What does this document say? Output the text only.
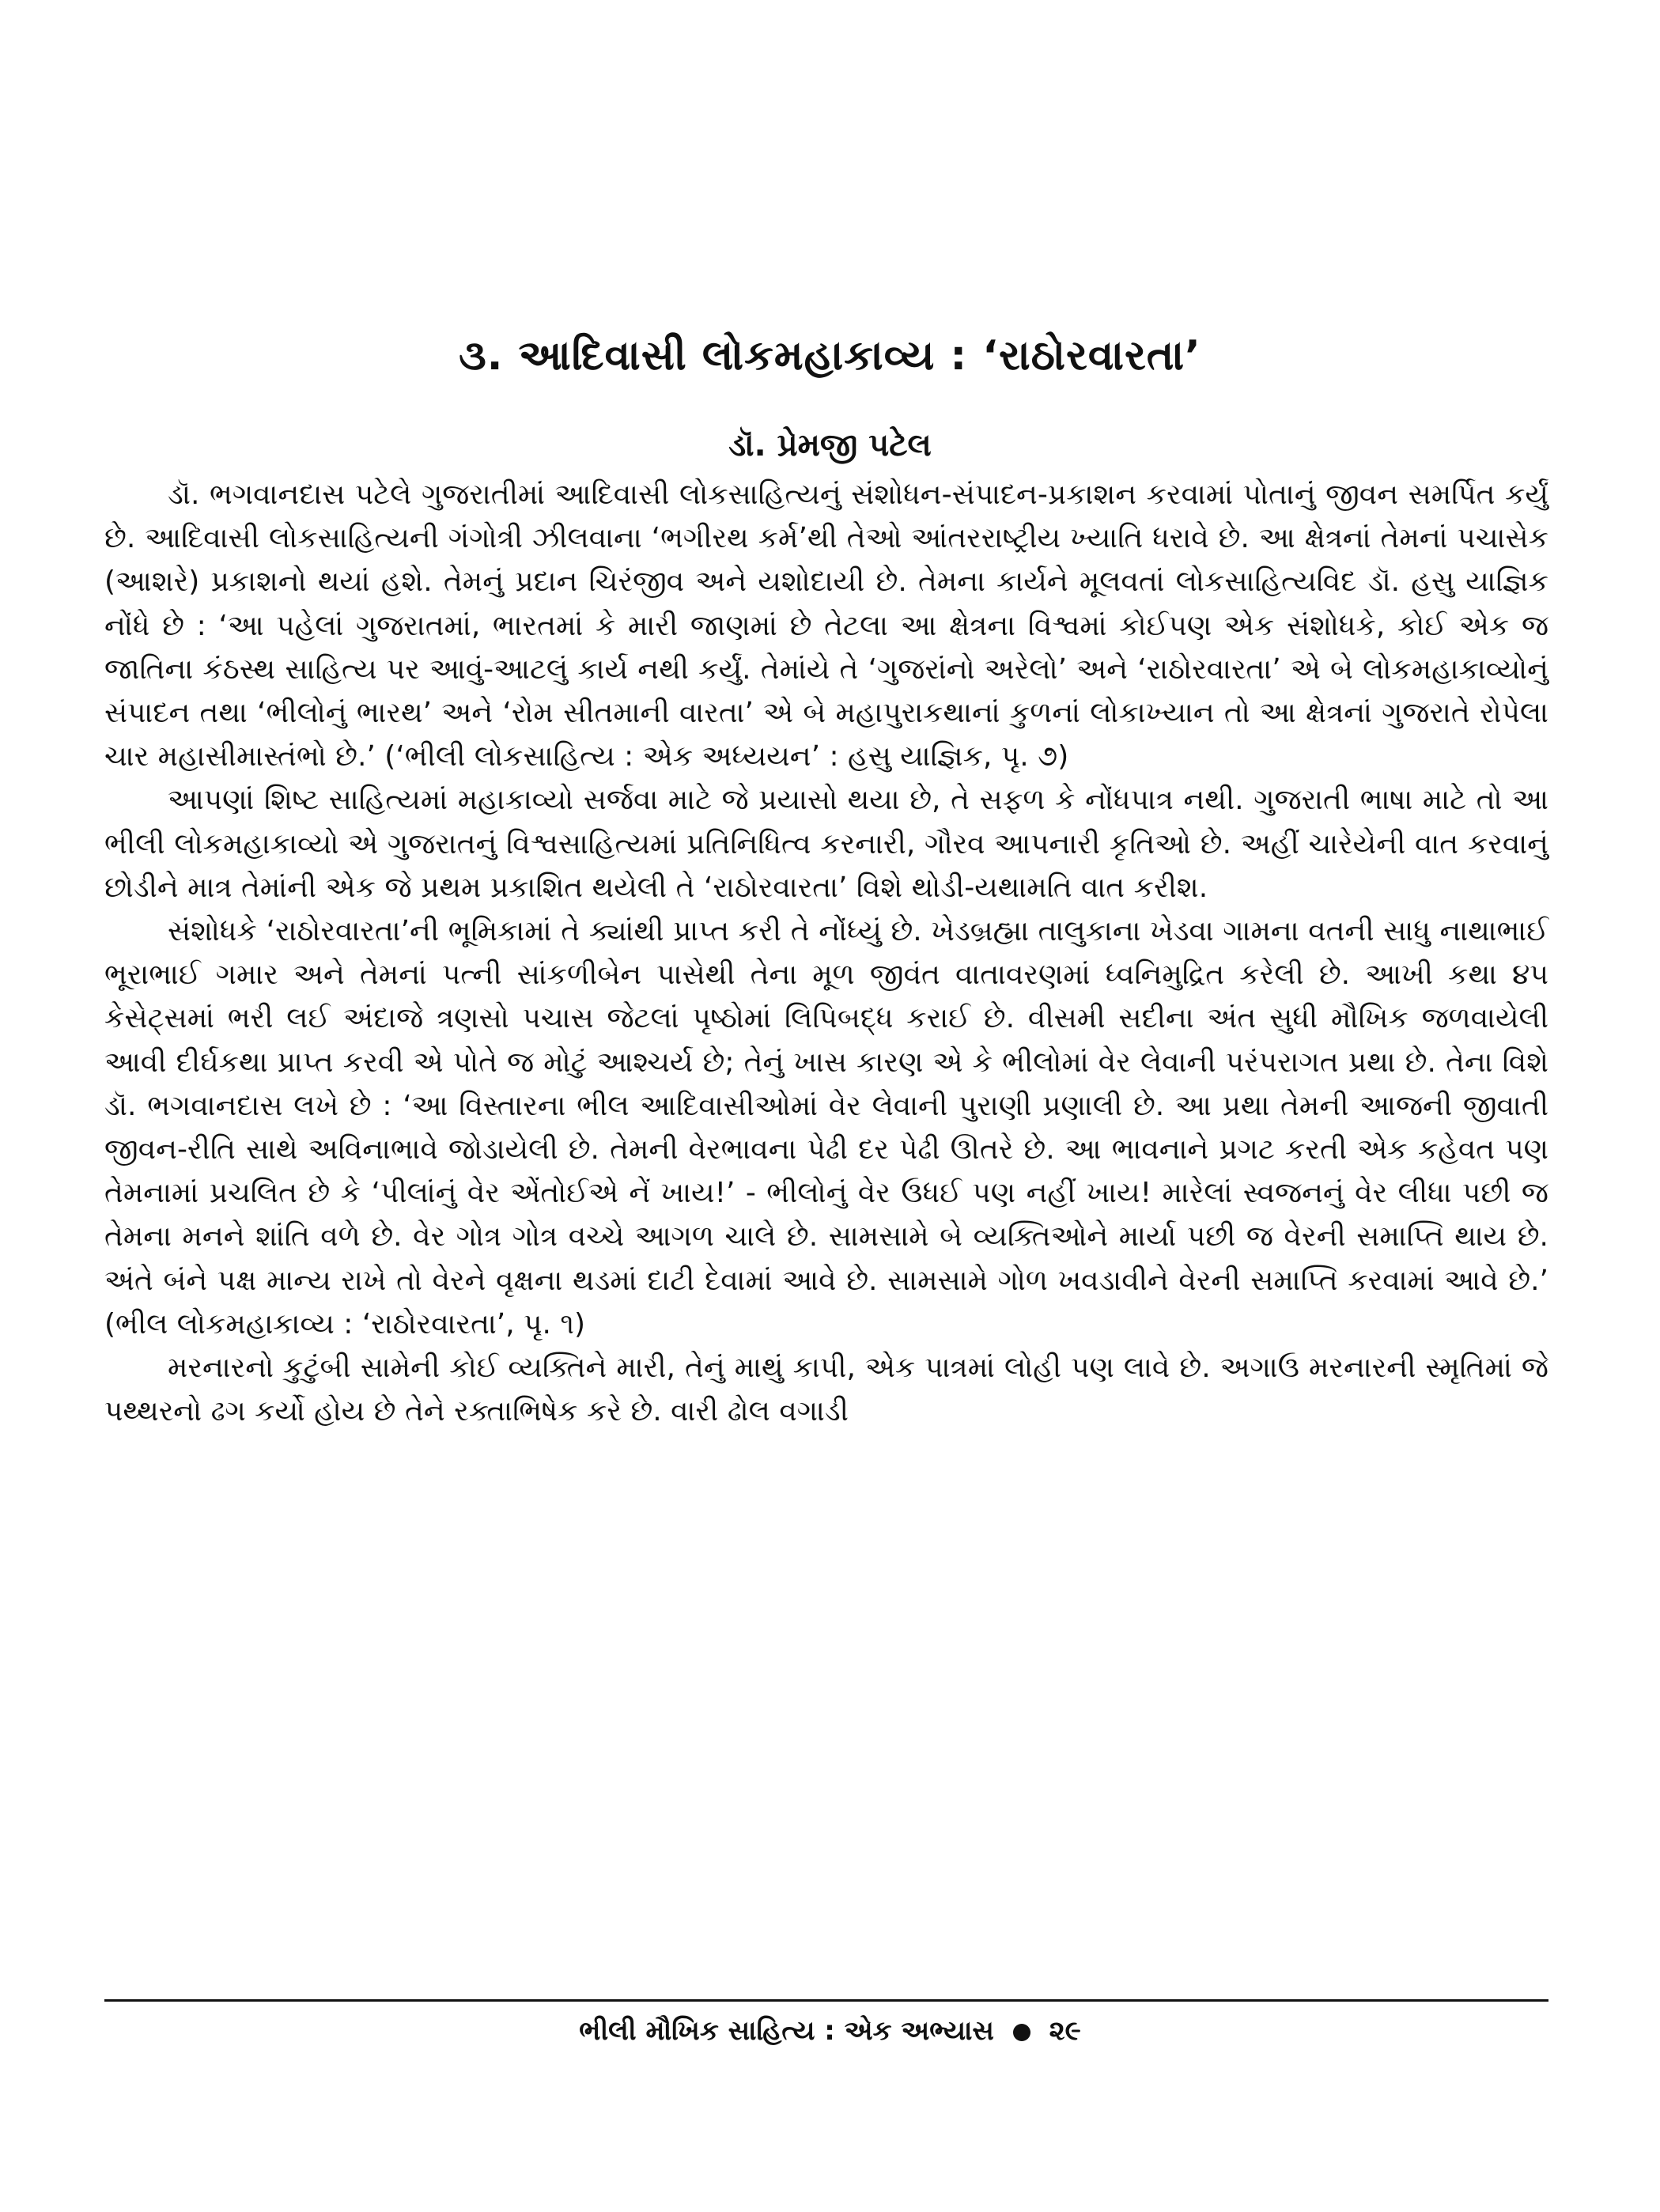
૩. આદિવાસી લોકમહાકાવ્ય : ‘રાઠોરવારતા’
ડૉ. પ્રેમજી પટેલ

ડૉ. ભગવાનદાસ પટેલે ગુજરાતીમાં આદિવાસી લોકસાહિત્યનું સંશોધન-સંપાદન-પ્રકાશન કરવામાં પોતાનું જીવન સમર્પિત કર્યું છે. આદિવાસી લોકસાહિત્યની ગંગોત્રી ઝીલવાના ‘ભગીરથ કર્મ’થી તેઓ આંતરરાષ્ટ્રીય ખ્યાતિ ધરાવે છે. આ ક્ષેત્રનાં તેમનાં પચાસેક (આશરે) પ્રકાશનો થયાં હશે. તેમનું પ્રદાન ચિરંજીવ અને યશોદાયી છે. તેમના કાર્યને મૂલવતાં લોકસાહિત્યવિદ ડૉ. હસુ યાજ્ઞિક નોંધે છે : ‘આ પહેલાં ગુજરાતમાં, ભારતમાં કે મારી જાણમાં છે તેટલા આ ક્ષેત્રના વિશ્વમાં કોઈપણ એક સંશોધકે, કોઈ એક જ જાતિના કંઠસ્થ સાહિત્ય પર આવું-આટલું કાર્ય નથી કર્યું. તેમાંયે તે ‘ગુજરાંનો અરેલો’ અને ‘રાઠોરવારતા’ એ બે લોકમહાકાવ્યોનું સંપાદન તથા ‘ભીલોનું ભારથ’ અને ‘રોમ સીતમાની વારતા’ એ બે મહાપુરાકથાનાં કુળનાં લોકાખ્યાન તો આ ક્ષેત્રનાં ગુજરાતે રોપેલા ચાર મહાસીમાસ્તંભો છે.’ (‘ભીલી લોકસાહિત્ય : એક અધ્યયન’ : હસુ યાજ્ઞિક, પૃ. ૭)

આપણાં શિષ્ટ સાહિત્યમાં મહાકાવ્યો સર્જવા માટે જે પ્રયાસો થયા છે, તે સફળ કે નોંધપાત્ર નથી. ગુજરાતી ભાષા માટે તો આ ભીલી લોકમહાકાવ્યો એ ગુજરાતનું વિશ્વસાહિત્યમાં પ્રતિનિધિત્વ કરનારી, ગૌરવ આપનારી કૃતિઓ છે. અહીં ચારેયેની વાત કરવાનું છોડીને માત્ર તેમાંની એક જે પ્રથમ પ્રકાશિત થયેલી તે ‘રાઠોરવારતા’ વિશે થોડી-યથામતિ વાત કરીશ.

સંશોધકે ‘રાઠોરવારતા’ની ભૂમિકામાં તે ક્યાંથી પ્રાપ્ત કરી તે નોંધ્યું છે. ખેડબ્રહ્મા તાલુકાના ખેડવા ગામના વતની સાધુ નાથાભાઈ ભૂરાભાઈ ગમાર અને તેમનાં પત્ની સાંકળીબેન પાસેથી તેના મૂળ જીવંત વાતાવરણમાં ધ્વનિમુદ્રિત કરેલી છે. આખી કથા ૪૫ કેસેટ્સમાં ભરી લઈ અંદાજે ત્રણસો પચાસ જેટલાં પૃષ્ઠોમાં લિપિબદ્ધ કરાઈ છે. વીસમી સદીના અંત સુધી મૌખિક જળવાયેલી આવી દીર્ઘકથા પ્રાપ્ત કરવી એ પોતે જ મોટું આશ્ચર્ય છે; તેનું ખાસ કારણ એ કે ભીલોમાં વેર લેવાની પરંપરાગત પ્રથા છે. તેના વિશે ડૉ. ભગવાનદાસ લખે છે : ‘આ વિસ્તારના ભીલ આદિવાસીઓમાં વેર લેવાની પુરાણી પ્રણાલી છે. આ પ્રથા તેમની આજની જીવાતી જીવન-રીતિ સાથે અવિનાભાવે જોડાયેલી છે. તેમની વેરભાવના પેઢી દર પેઢી ઊતરે છે. આ ભાવનાને પ્રગટ કરતી એક કહેવત પણ તેમનામાં પ્રચલિત છે કે ‘પીલાંનું વેર એંતોઈએ નેં ખાય!’ - ભીલોનું વેર ઉધઈ પણ નહીં ખાય! મારેલાં સ્વજનનું વેર લીધા પછી જ તેમના મનને શાંતિ વળે છે. વેર ગોત્ર ગોત્ર વચ્ચે આગળ ચાલે છે. સામસામે બે વ્યક્તિઓને માર્યા પછી જ વેરની સમાપ્તિ થાય છે. અંતે બંને પક્ષ માન્ય રાખે તો વેરને વૃક્ષના થડમાં દાટી દેવામાં આવે છે. સામસામે ગોળ ખવડાવીને વેરની સમાપ્તિ કરવામાં આવે છે.’ (ભીલ લોકમહાકાવ્ય : ‘રાઠોરવારતા’, પૃ. ૧)

મરનારનો કુટુંબી સામેની કોઈ વ્યક્તિને મારી, તેનું માથું કાપી, એક પાત્રમાં લોહી પણ લાવે છે. અગાઉ મરનારની સ્મૃતિમાં જે પથ્થરનો ઢગ કર્યો હોય છે તેને રક્તાભિષેક કરે છે. વારી ઢોલ વગાડી

ભીલી મૌખિક સાહિત્ય : એક અભ્યાસ ૨૯
